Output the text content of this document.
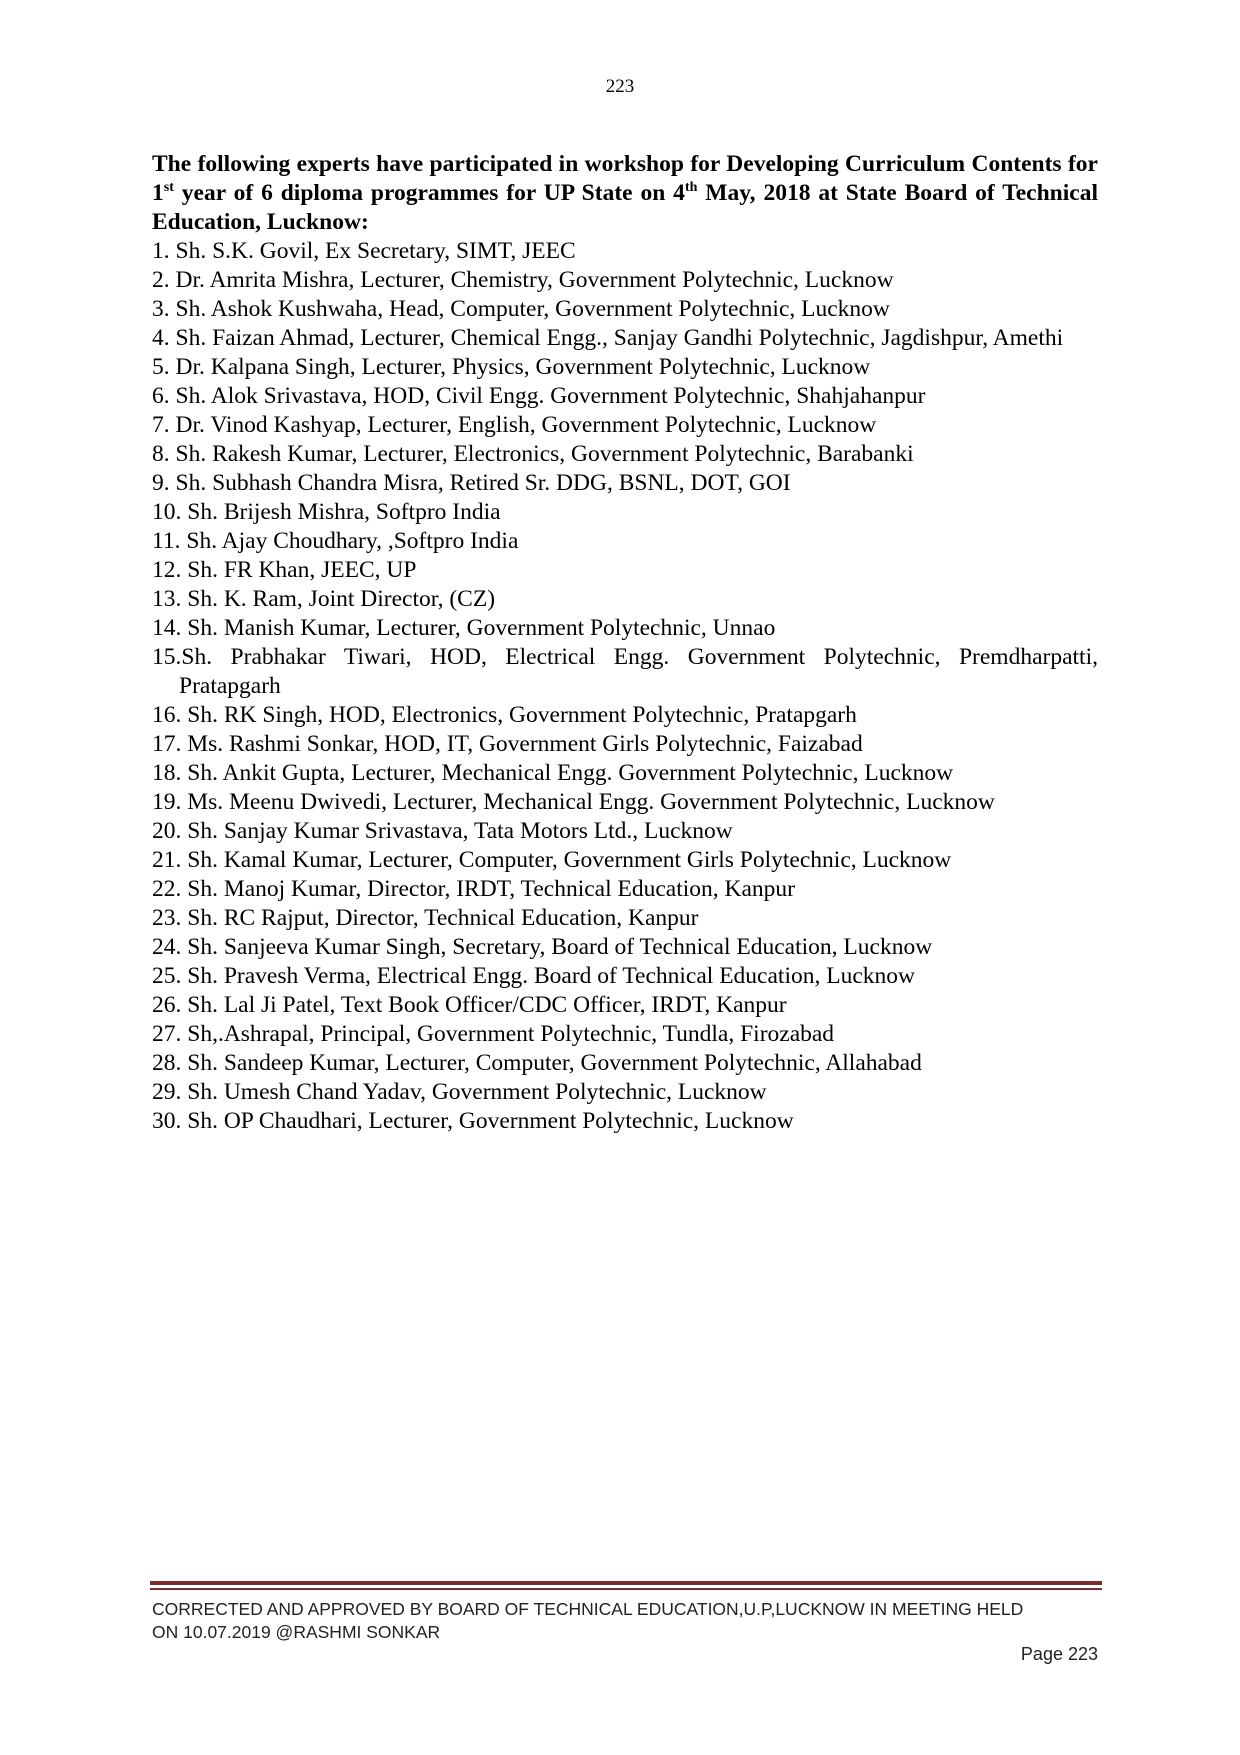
223

The following experts have participated in workshop for Developing Curriculum Contents for 1st year of 6 diploma programmes for UP State on 4th May, 2018 at State Board of Technical Education, Lucknow:

1. Sh. S.K. Govil, Ex Secretary, SIMT, JEEC
2. Dr. Amrita Mishra, Lecturer, Chemistry, Government Polytechnic, Lucknow
3. Sh. Ashok Kushwaha, Head, Computer, Government Polytechnic, Lucknow
4. Sh. Faizan Ahmad, Lecturer, Chemical Engg., Sanjay Gandhi Polytechnic, Jagdishpur, Amethi
5. Dr. Kalpana Singh, Lecturer, Physics, Government Polytechnic, Lucknow
6. Sh. Alok Srivastava, HOD, Civil Engg. Government Polytechnic, Shahjahanpur
7. Dr. Vinod Kashyap, Lecturer, English, Government Polytechnic, Lucknow
8. Sh. Rakesh Kumar, Lecturer, Electronics, Government Polytechnic, Barabanki
9. Sh. Subhash Chandra Misra, Retired Sr. DDG, BSNL, DOT, GOI
10. Sh. Brijesh Mishra, Softpro India
11. Sh. Ajay Choudhary, ,Softpro India
12. Sh. FR Khan, JEEC, UP
13. Sh. K. Ram, Joint Director, (CZ)
14. Sh. Manish Kumar, Lecturer, Government Polytechnic, Unnao
15.Sh. Prabhakar Tiwari, HOD, Electrical Engg. Government Polytechnic, Premdharpatti, Pratapgarh
16. Sh. RK Singh, HOD, Electronics, Government Polytechnic, Pratapgarh
17. Ms. Rashmi Sonkar, HOD, IT, Government Girls Polytechnic, Faizabad
18. Sh. Ankit Gupta, Lecturer, Mechanical Engg. Government Polytechnic, Lucknow
19. Ms. Meenu Dwivedi, Lecturer, Mechanical Engg. Government Polytechnic, Lucknow
20. Sh. Sanjay Kumar Srivastava, Tata Motors Ltd., Lucknow
21. Sh. Kamal Kumar, Lecturer, Computer, Government Girls Polytechnic, Lucknow
22. Sh. Manoj Kumar, Director, IRDT, Technical Education, Kanpur
23. Sh. RC Rajput, Director, Technical Education, Kanpur
24. Sh. Sanjeeva Kumar Singh, Secretary, Board of Technical Education, Lucknow
25. Sh. Pravesh Verma, Electrical Engg. Board of Technical Education, Lucknow
26. Sh. Lal Ji Patel, Text Book Officer/CDC Officer, IRDT, Kanpur
27. Sh,.Ashrapal, Principal, Government Polytechnic, Tundla, Firozabad
28. Sh. Sandeep Kumar, Lecturer, Computer, Government Polytechnic, Allahabad
29. Sh. Umesh Chand Yadav, Government Polytechnic, Lucknow
30. Sh. OP Chaudhari, Lecturer, Government Polytechnic, Lucknow
CORRECTED AND APPROVED BY BOARD OF TECHNICAL EDUCATION,U.P,LUCKNOW IN MEETING HELD
ON 10.07.2019 @RASHMI SONKAR
Page 223
